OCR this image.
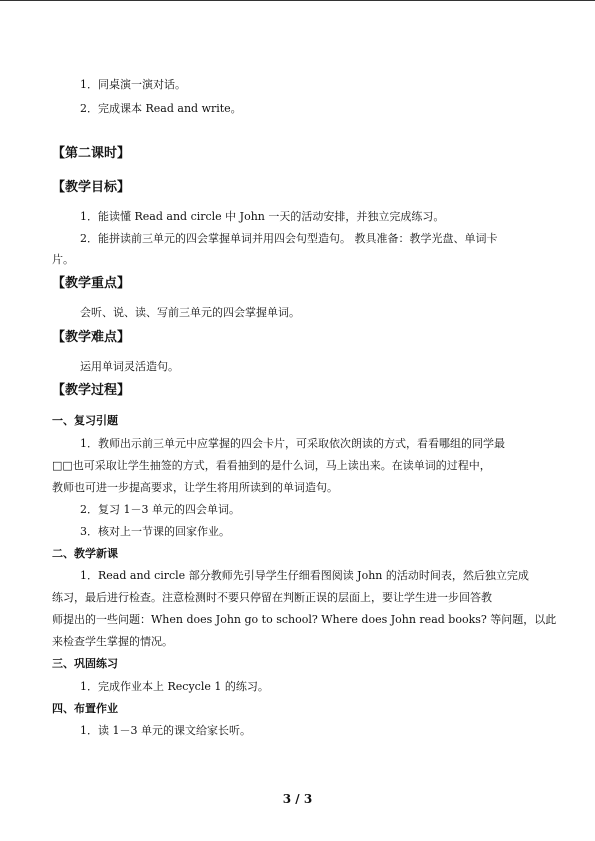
1．同桌演一演对话。
2．完成课本 Read and write。
【第二课时】
【教学目标】
1．能读懂 Read and circle 中 John 一天的活动安排，并独立完成练习。
2．能拼读前三单元的四会掌握单词并用四会句型造句。 教具准备：教学光盘、单词卡
片。
【教学重点】
会听、说、读、写前三单元的四会掌握单词。
【教学难点】
运用单词灵活造句。
【教学过程】
一、复习引题
1．教师出示前三单元中应掌握的四会卡片，可采取依次朗读的方式，看看哪组的同学最
□□也可采取让学生抽签的方式，看看抽到的是什么词，马上读出来。在读单词的过程中，
教师也可进一步提高要求，让学生将用所读到的单词造句。
2．复习 1－3 单元的四会单词。
3．核对上一节课的回家作业。
二、教学新课
1．Read and circle 部分教师先引导学生仔细看图阅读 John 的活动时间表，然后独立完成
练习，最后进行检查。注意检测时不要只停留在判断正误的层面上，要让学生进一步回答教
师提出的一些问题：When does John go to school? Where does John read books? 等问题，以此
来检查学生掌握的情况。
三、巩固练习
1．完成作业本上 Recycle 1 的练习。
四、布置作业
1．读 1－3 单元的课文给家长听。
3 / 3
